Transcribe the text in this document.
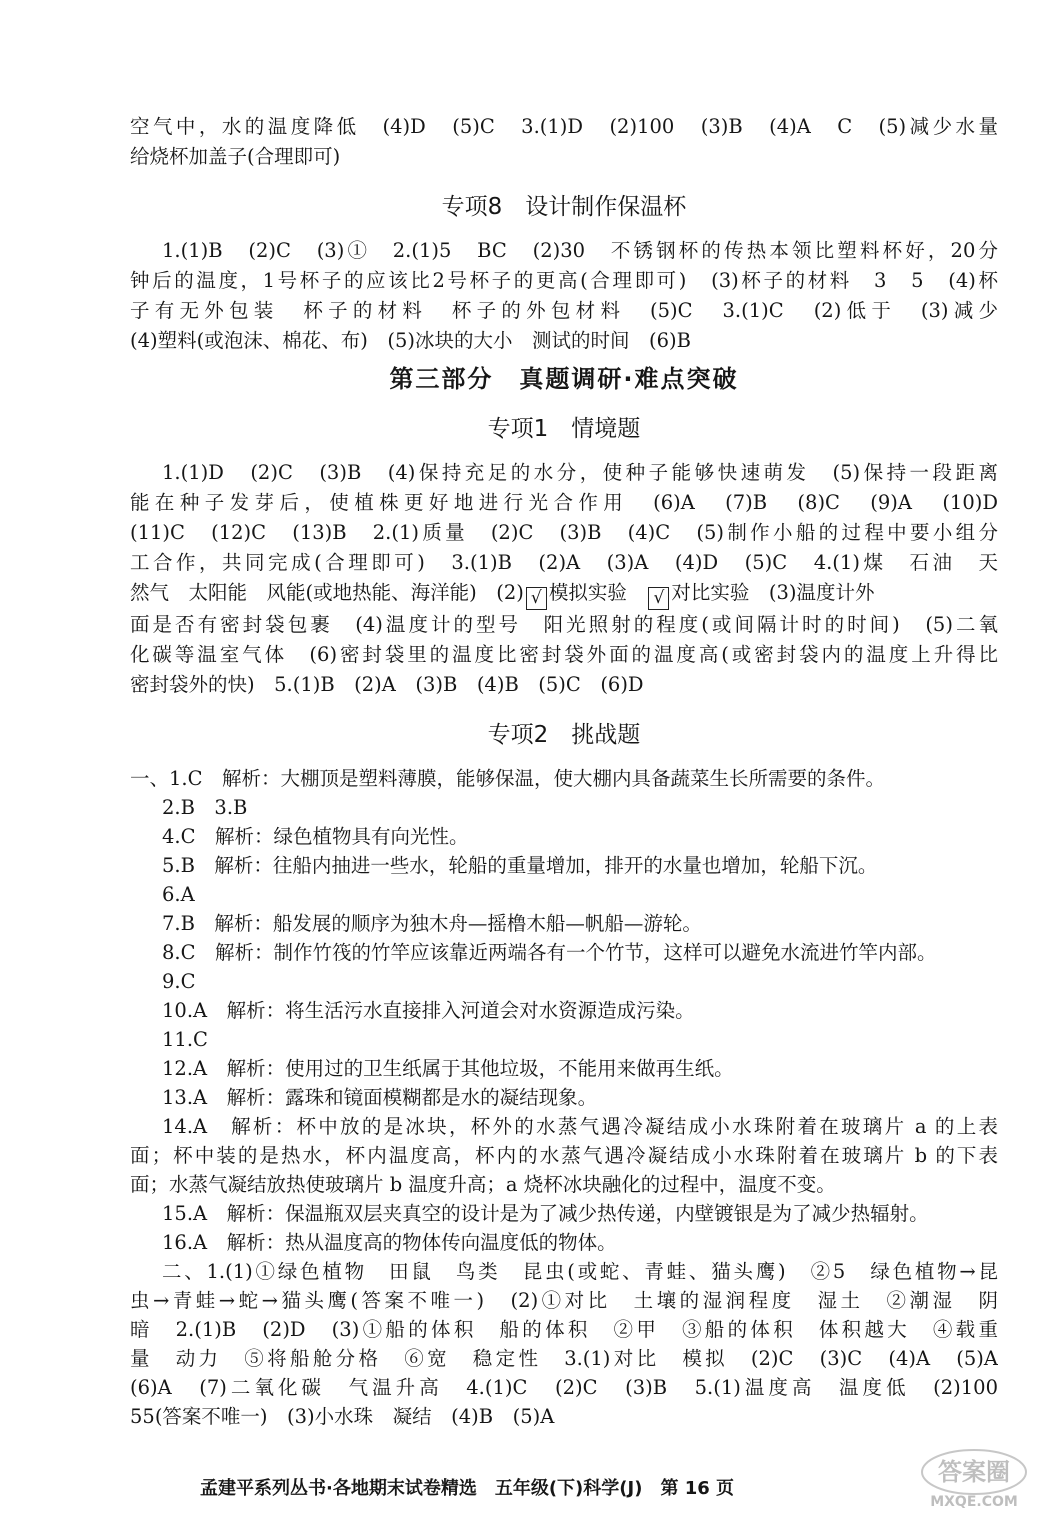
空气中，水的温度降低　(4)D　(5)C　3.(1)D　(2)100　(3)B　(4)A　C　(5)减少水量

给烧杯加盖子(合理即可)

专项8　设计制作保温杯

1.(1)B　(2)C　(3)①　2.(1)5　BC　(2)30　不锈钢杯的传热本领比塑料杯好，20分

钟后的温度，1号杯子的应该比2号杯子的更高(合理即可)　(3)杯子的材料　3　5　(4)杯

子有无外包装　杯子的材料　杯子的外包材料　(5)C　3.(1)C　(2)低于　(3)减少

(4)塑料(或泡沫、棉花、布)　(5)冰块的大小　测试的时间　(6)B

第三部分　真题调研·难点突破
专项1　情境题

1.(1)D　(2)C　(3)B　(4)保持充足的水分，使种子能够快速萌发　(5)保持一段距离

能在种子发芽后，使植株更好地进行光合作用　(6)A　(7)B　(8)C　(9)A　(10)D

(11)C　(12)C　(13)B　2.(1)质量　(2)C　(3)B　(4)C　(5)制作小船的过程中要小组分

工合作，共同完成(合理即可)　3.(1)B　(2)A　(3)A　(4)D　(5)C　4.(1)煤　石油　天

然气　太阳能　风能(或地热能、海洋能)　(2) √ 模拟实验　√ 对比实验　(3)温度计外

面是否有密封袋包裹　(4)温度计的型号　阳光照射的程度(或间隔计时的时间)　(5)二氧

化碳等温室气体　(6)密封袋里的温度比密封袋外面的温度高(或密封袋内的温度上升得比

密封袋外的快)　5.(1)B　(2)A　(3)B　(4)B　(5)C　(6)D

专项2　挑战题

一、1.C　解析：大棚顶是塑料薄膜，能够保温，使大棚内具备蔬菜生长所需要的条件。

2.B　3.B

4.C　解析：绿色植物具有向光性。

5.B　解析：往船内抽进一些水，轮船的重量增加，排开的水量也增加，轮船下沉。

6.A

7.B　解析：船发展的顺序为独木舟—摇橹木船—帆船—游轮。

8.C　解析：制作竹筏的竹竿应该靠近两端各有一个竹节，这样可以避免水流进竹竿内部。

9.C

10.A　解析：将生活污水直接排入河道会对水资源造成污染。

11.C

12.A　解析：使用过的卫生纸属于其他垃圾，不能用来做再生纸。

13.A　解析：露珠和镜面模糊都是水的凝结现象。

14.A　解析：杯中放的是冰块，杯外的水蒸气遇冷凝结成小水珠附着在玻璃片 a 的上表

面；杯中装的是热水，杯内温度高，杯内的水蒸气遇冷凝结成小水珠附着在玻璃片 b 的下表

面；水蒸气凝结放热使玻璃片 b 温度升高；a 烧杯冰块融化的过程中，温度不变。

15.A　解析：保温瓶双层夹真空的设计是为了减少热传递，内壁镀银是为了减少热辐射。

16.A　解析：热从温度高的物体传向温度低的物体。

二、1.(1)①绿色植物　田鼠　鸟类　昆虫(或蛇、青蛙、猫头鹰)　②5　绿色植物→昆

虫→青蛙→蛇→猫头鹰(答案不唯一)　(2)①对比　土壤的湿润程度　湿土　②潮湿　阴

暗　2.(1)B　(2)D　(3)①船的体积　船的体积　②甲　③船的体积　体积越大　④载重

量　动力　⑤将船舱分格　⑥宽　稳定性　3.(1)对比　模拟　(2)C　(3)C　(4)A　(5)A

(6)A　(7)二氧化碳　气温升高　4.(1)C　(2)C　(3)B　5.(1)温度高　温度低　(2)100

55(答案不唯一)　(3)小水珠　凝结　(4)B　(5)A

孟建平系列丛书·各地期末试卷精选　五年级(下)科学(J)　第 16 页
答案圈
MXQE.COM
